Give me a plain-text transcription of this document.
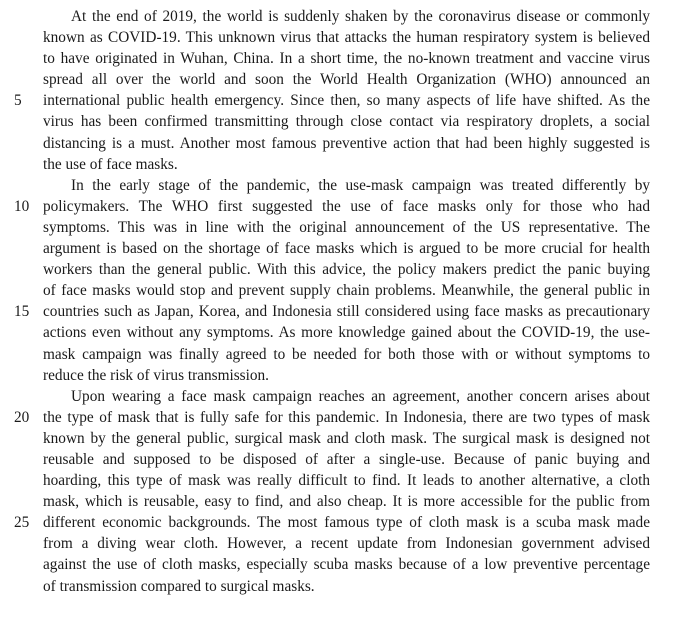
At the end of 2019, the world is suddenly shaken by the coronavirus disease or commonly
known as COVID-19. This unknown virus that attacks the human respiratory system is believed
to have originated in Wuhan, China. In a short time, the no-known treatment and vaccine virus
spread all over the world and soon the World Health Organization (WHO) announced an
5	international public health emergency. Since then, so many aspects of life have shifted. As the
virus has been confirmed transmitting through close contact via respiratory droplets, a social
distancing is a must. Another most famous preventive action that had been highly suggested is
the use of face masks.
In the early stage of the pandemic, the use-mask campaign was treated differently by
10 policymakers. The WHO first suggested the use of face masks only for those who had
symptoms. This was in line with the original announcement of the US representative. The
argument is based on the shortage of face masks which is argued to be more crucial for health
workers than the general public. With this advice, the policy makers predict the panic buying
of face masks would stop and prevent supply chain problems. Meanwhile, the general public in
15 countries such as Japan, Korea, and Indonesia still considered using face masks as precautionary
actions even without any symptoms. As more knowledge gained about the COVID-19, the use-
mask campaign was finally agreed to be needed for both those with or without symptoms to
reduce the risk of virus transmission.
Upon wearing a face mask campaign reaches an agreement, another concern arises about
20 the type of mask that is fully safe for this pandemic. In Indonesia, there are two types of mask
known by the general public, surgical mask and cloth mask. The surgical mask is designed not
reusable and supposed to be disposed of after a single-use. Because of panic buying and
hoarding, this type of mask was really difficult to find. It leads to another alternative, a cloth
mask, which is reusable, easy to find, and also cheap. It is more accessible for the public from
25 different economic backgrounds. The most famous type of cloth mask is a scuba mask made
from a diving wear cloth. However, a recent update from Indonesian government advised
against the use of cloth masks, especially scuba masks because of a low preventive percentage
of transmission compared to surgical masks.
